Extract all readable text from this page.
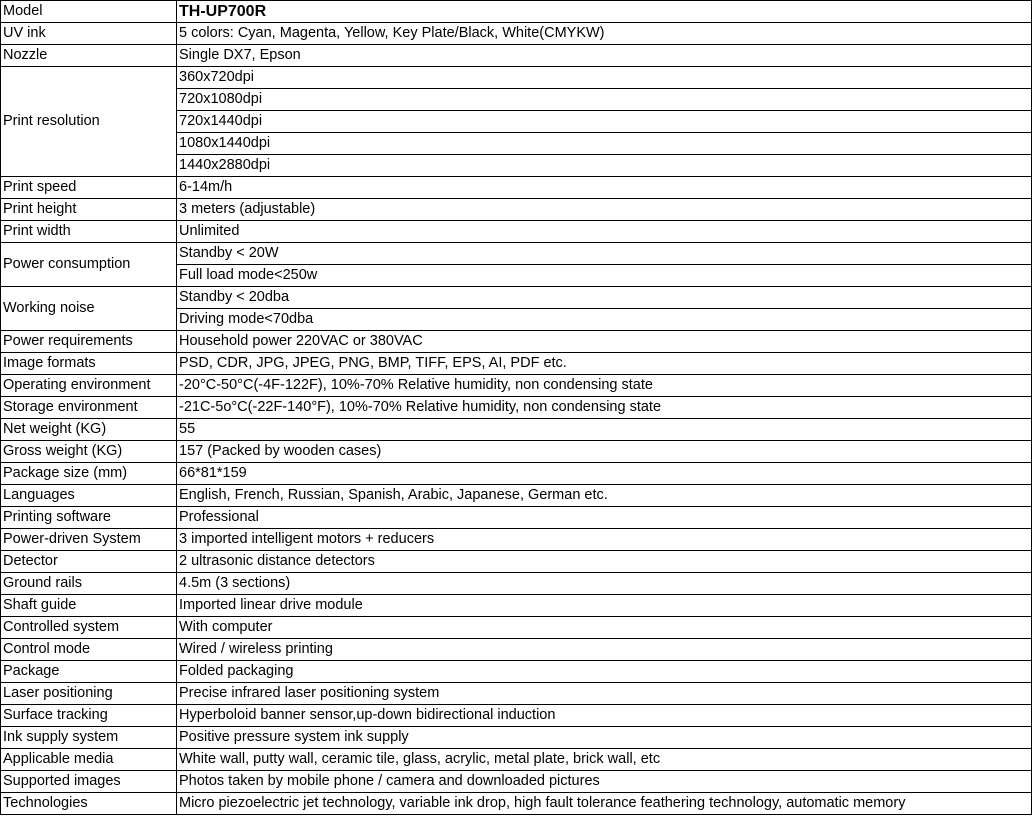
Model	TH-UP700R
UV ink	5 colors: Cyan, Magenta, Yellow, Key Plate/Black, White(CMYKW)
Nozzle	Single DX7, Epson
Print resolution	360x720dpi
	720x1080dpi
	720x1440dpi
	1080x1440dpi
	1440x2880dpi
Print speed	6-14m/h
Print height	3 meters (adjustable)
Print width	Unlimited
Power consumption	Standby < 20W
	Full load mode<250w
Working noise	Standby < 20dba
	Driving mode<70dba
Power requirements	Household power 220VAC or 380VAC
Image formats	PSD, CDR, JPG, JPEG, PNG, BMP, TIFF, EPS, AI, PDF etc.
Operating environment	-20°C-50°C(-4F-122F), 10%-70% Relative humidity, non condensing state
Storage environment	-21C-5o°C(-22F-140°F), 10%-70% Relative humidity, non condensing state
Net weight (KG)	55
Gross weight (KG)	157 (Packed by wooden cases)
Package size (mm)	66*81*159
Languages	English, French, Russian, Spanish, Arabic, Japanese, German etc.
Printing software	Professional
Power-driven System	3 imported intelligent motors + reducers
Detector	2 ultrasonic distance detectors
Ground rails	4.5m (3 sections)
Shaft guide	Imported linear drive module
Controlled system	With computer
Control mode	Wired / wireless printing
Package	Folded packaging
Laser positioning	Precise infrared laser positioning system
Surface tracking	Hyperboloid banner sensor,up-down bidirectional induction
Ink supply system	Positive pressure system ink supply
Applicable media	White wall, putty wall, ceramic tile, glass, acrylic, metal plate, brick wall, etc
Supported images	Photos taken by mobile phone / camera and downloaded pictures
Technologies	Micro piezoelectric jet technology, variable ink drop, high fault tolerance feathering technology, automatic memory
